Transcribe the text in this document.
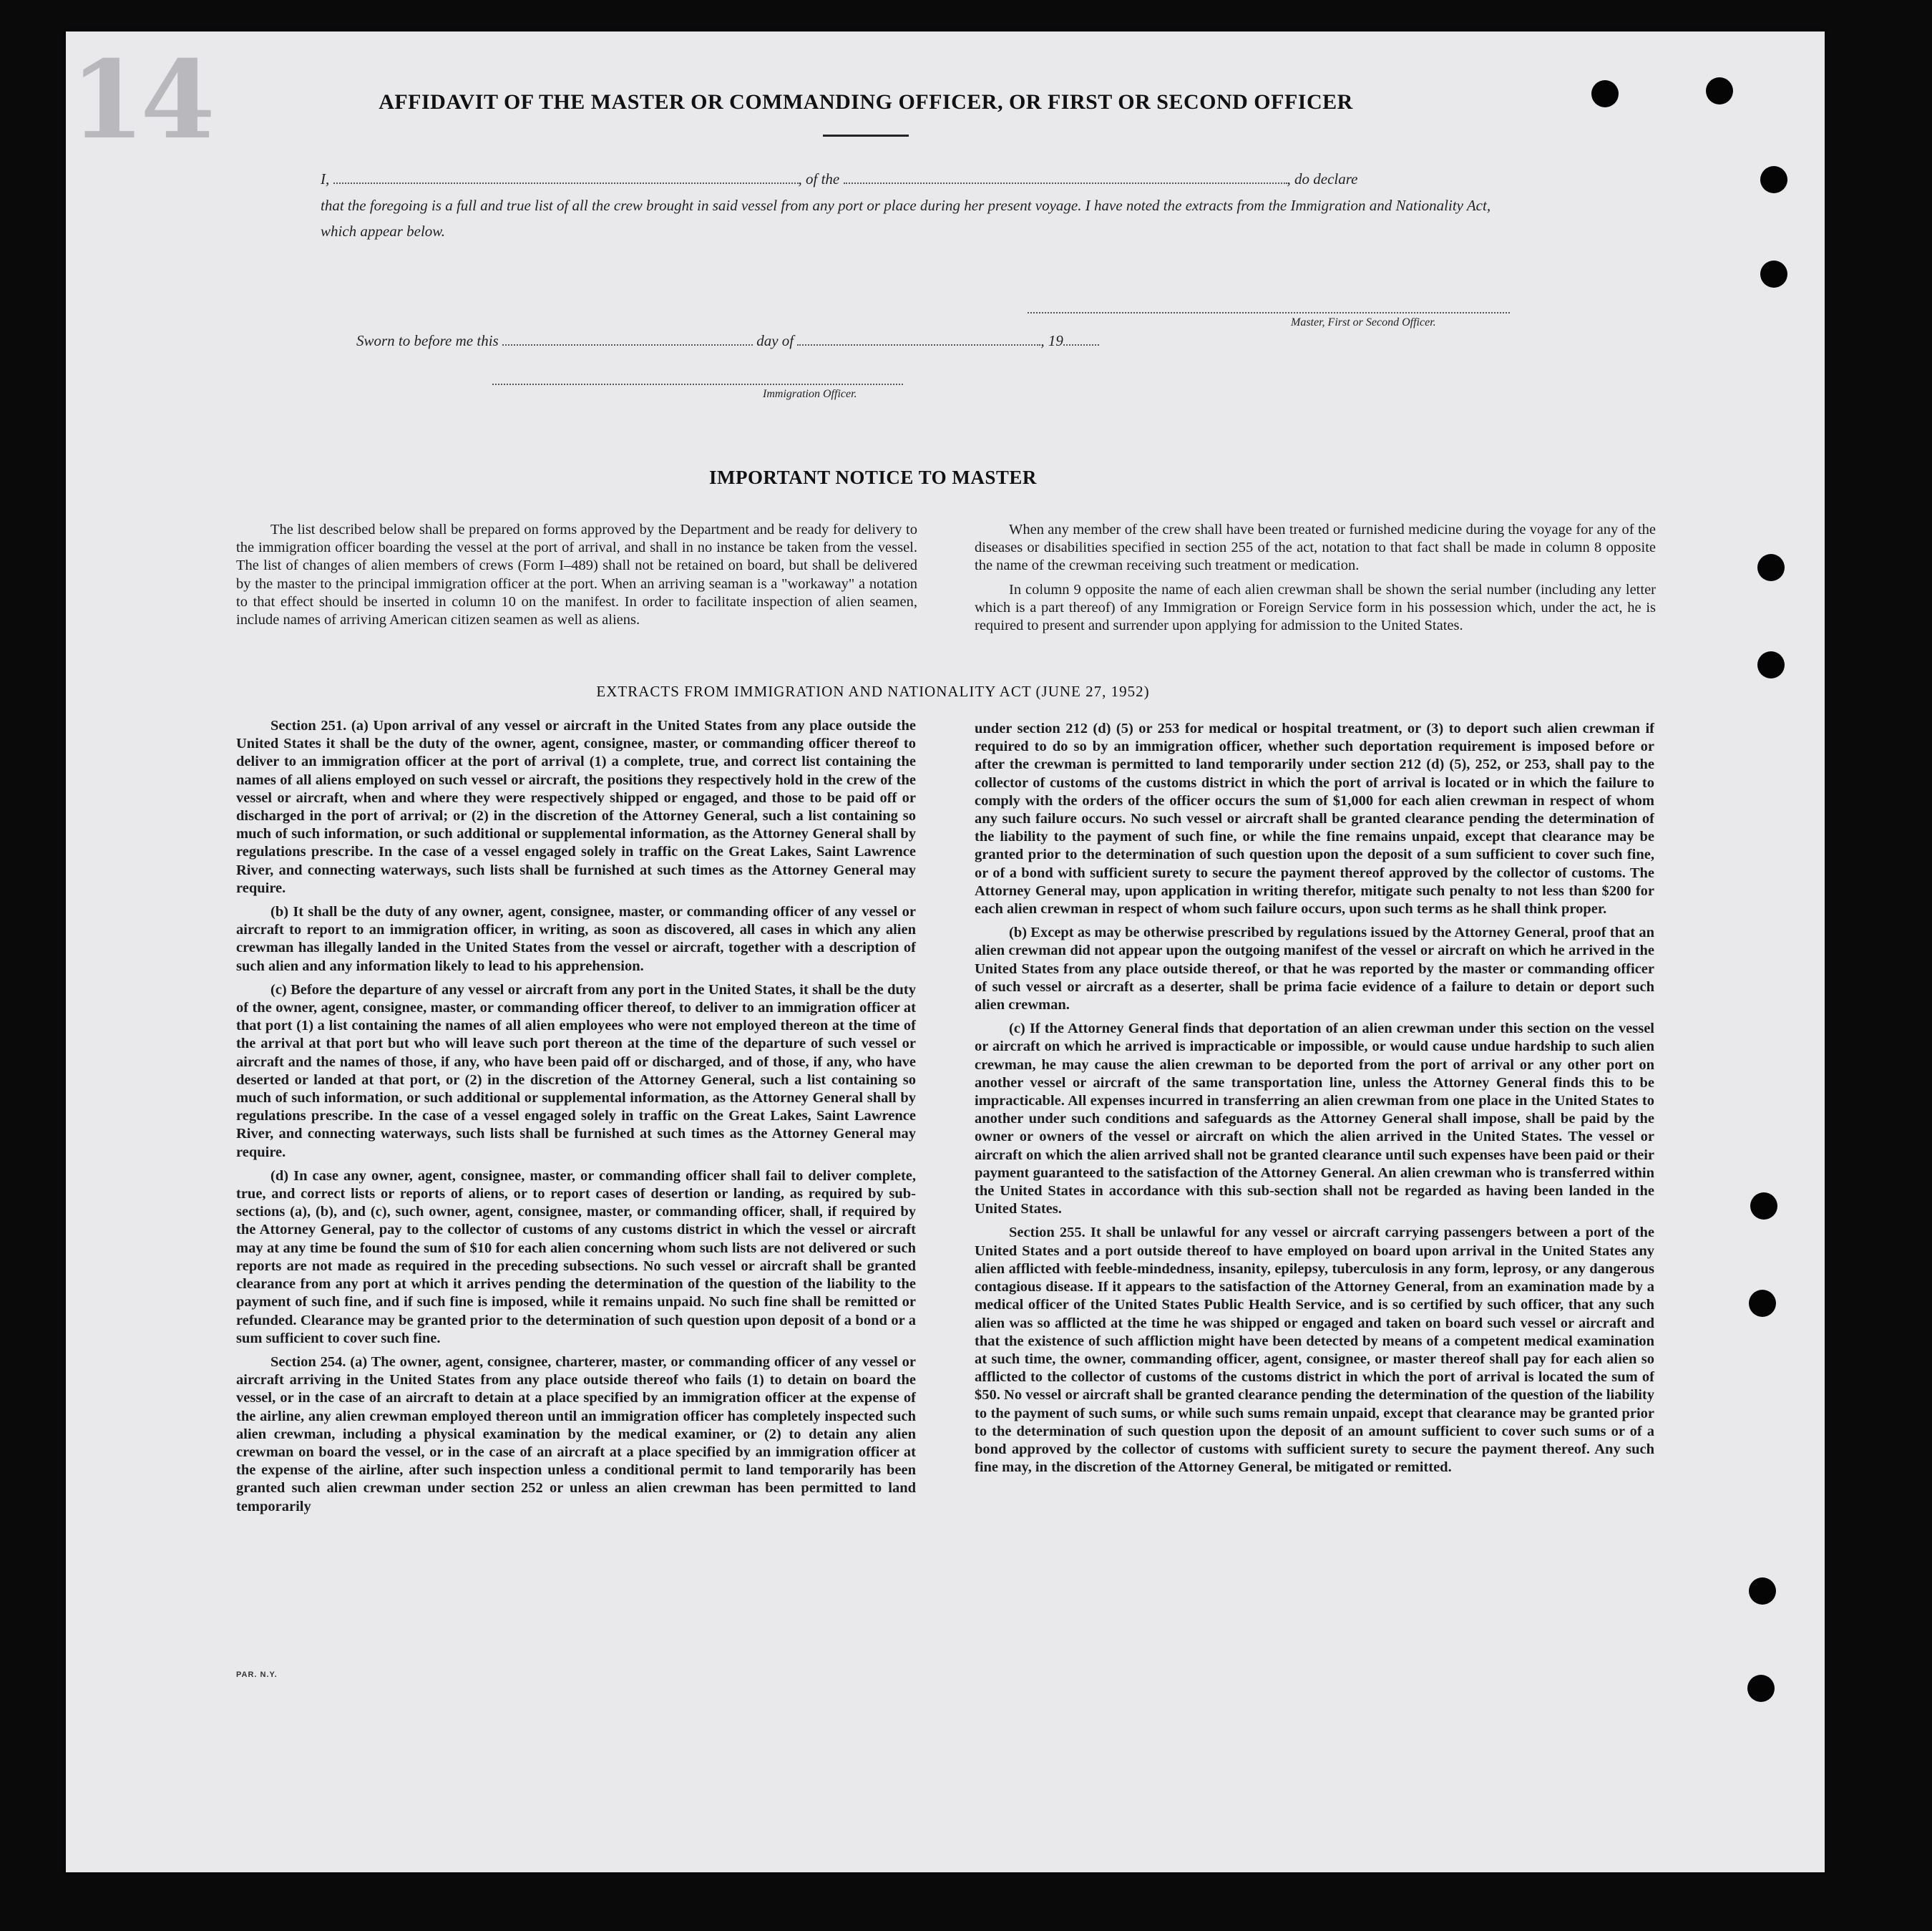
14	AFFIDAVIT OF THE MASTER OR COMMANDING OFFICER, OR FIRST OR SECOND OFFICER
I,	, of the	, do declare
that the foregoing is a full and true list of all the crew brought in said vessel from any port or place during her present voyage. I have noted the extracts from the Immigration and Nationality Act, which appear below.
Master, First or Second Officer.
Sworn to before me this	day of	, 19
Immigration Officer.
IMPORTANT NOTICE TO MASTER

The list described below shall be prepared on forms approved by the Department and be ready for delivery to the immigration officer boarding the vessel at the port of arrival, and shall in no instance be taken from the vessel. The list of changes of alien members of crews (Form I–489) shall not be retained on board, but shall be delivered by the master to the principal immigration officer at the port. When an arriving seaman is a "workaway" a notation to that effect should be inserted in column 10 on the manifest. In order to facilitate inspection of alien seamen, include names of arriving American citizen seamen as well as aliens.

When any member of the crew shall have been treated or furnished medicine during the voyage for any of the diseases or disabilities specified in section 255 of the act, notation to that fact shall be made in column 8 opposite the name of the crewman receiving such treatment or medication.

In column 9 opposite the name of each alien crewman shall be shown the serial number (including any letter which is a part thereof) of any Immigration or Foreign Service form in his possession which, under the act, he is required to present and surrender upon applying for admission to the United States.

EXTRACTS FROM IMMIGRATION AND NATIONALITY ACT (JUNE 27, 1952)

Section 251. (a) Upon arrival of any vessel or aircraft in the United States from any place outside the United States it shall be the duty of the owner, agent, consignee, master, or commanding officer thereof to deliver to an immigration officer at the port of arrival (1) a complete, true, and correct list containing the names of all aliens employed on such vessel or aircraft, the positions they respectively hold in the crew of the vessel or aircraft, when and where they were respectively shipped or engaged, and those to be paid off or discharged in the port of arrival; or (2) in the discretion of the Attorney General, such a list containing so much of such information, or such additional or supplemental information, as the Attorney General shall by regulations prescribe. In the case of a vessel engaged solely in traffic on the Great Lakes, Saint Lawrence River, and connecting waterways, such lists shall be furnished at such times as the Attorney General may require.

(b) It shall be the duty of any owner, agent, consignee, master, or commanding officer of any vessel or aircraft to report to an immigration officer, in writing, as soon as discovered, all cases in which any alien crewman has illegally landed in the United States from the vessel or aircraft, together with a description of such alien and any information likely to lead to his apprehension.

(c) Before the departure of any vessel or aircraft from any port in the United States, it shall be the duty of the owner, agent, consignee, master, or commanding officer thereof, to deliver to an immigration officer at that port (1) a list containing the names of all alien employees who were not employed thereon at the time of the arrival at that port but who will leave such port thereon at the time of the departure of such vessel or aircraft and the names of those, if any, who have been paid off or discharged, and of those, if any, who have deserted or landed at that port, or (2) in the discretion of the Attorney General, such a list containing so much of such information, or such additional or supplemental information, as the Attorney General shall by regulations prescribe. In the case of a vessel engaged solely in traffic on the Great Lakes, Saint Lawrence River, and connecting waterways, such lists shall be furnished at such times as the Attorney General may require.

(d) In case any owner, agent, consignee, master, or commanding officer shall fail to deliver complete, true, and correct lists or reports of aliens, or to report cases of desertion or landing, as required by sub-sections (a), (b), and (c), such owner, agent, consignee, master, or commanding officer, shall, if required by the Attorney General, pay to the collector of customs of any customs district in which the vessel or aircraft may at any time be found the sum of $10 for each alien concerning whom such lists are not delivered or such reports are not made as required in the preceding subsections. No such vessel or aircraft shall be granted clearance from any port at which it arrives pending the determination of the question of the liability to the payment of such fine, and if such fine is imposed, while it remains unpaid. No such fine shall be remitted or refunded. Clearance may be granted prior to the determination of such question upon deposit of a bond or a sum sufficient to cover such fine.

Section 254. (a) The owner, agent, consignee, charterer, master, or commanding officer of any vessel or aircraft arriving in the United States from any place outside thereof who fails (1) to detain on board the vessel, or in the case of an aircraft to detain at a place specified by an immigration officer at the expense of the airline, any alien crewman employed thereon until an immigration officer has completely inspected such alien crewman, including a physical examination by the medical examiner, or (2) to detain any alien crewman on board the vessel, or in the case of an aircraft at a place specified by an immigration officer at the expense of the airline, after such inspection unless a conditional permit to land temporarily has been granted such alien crewman under section 252 or unless an alien crewman has been permitted to land temporarily

under section 212 (d) (5) or 253 for medical or hospital treatment, or (3) to deport such alien crewman if required to do so by an immigration officer, whether such deportation requirement is imposed before or after the crewman is permitted to land temporarily under section 212 (d) (5), 252, or 253, shall pay to the collector of customs of the customs district in which the port of arrival is located or in which the failure to comply with the orders of the officer occurs the sum of $1,000 for each alien crewman in respect of whom any such failure occurs. No such vessel or aircraft shall be granted clearance pending the determination of the liability to the payment of such fine, or while the fine remains unpaid, except that clearance may be granted prior to the determination of such question upon the deposit of a sum sufficient to cover such fine, or of a bond with sufficient surety to secure the payment thereof approved by the collector of customs. The Attorney General may, upon application in writing therefor, mitigate such penalty to not less than $200 for each alien crewman in respect of whom such failure occurs, upon such terms as he shall think proper.

(b) Except as may be otherwise prescribed by regulations issued by the Attorney General, proof that an alien crewman did not appear upon the outgoing manifest of the vessel or aircraft on which he arrived in the United States from any place outside thereof, or that he was reported by the master or commanding officer of such vessel or aircraft as a deserter, shall be prima facie evidence of a failure to detain or deport such alien crewman.

(c) If the Attorney General finds that deportation of an alien crewman under this section on the vessel or aircraft on which he arrived is impracticable or impossible, or would cause undue hardship to such alien crewman, he may cause the alien crewman to be deported from the port of arrival or any other port on another vessel or aircraft of the same transportation line, unless the Attorney General finds this to be impracticable. All expenses incurred in transferring an alien crewman from one place in the United States to another under such conditions and safeguards as the Attorney General shall impose, shall be paid by the owner or owners of the vessel or aircraft on which the alien arrived in the United States. The vessel or aircraft on which the alien arrived shall not be granted clearance until such expenses have been paid or their payment guaranteed to the satisfaction of the Attorney General. An alien crewman who is transferred within the United States in accordance with this sub-section shall not be regarded as having been landed in the United States.

Section 255. It shall be unlawful for any vessel or aircraft carrying passengers between a port of the United States and a port outside thereof to have employed on board upon arrival in the United States any alien afflicted with feeble-mindedness, insanity, epilepsy, tuberculosis in any form, leprosy, or any dangerous contagious disease. If it appears to the satisfaction of the Attorney General, from an examination made by a medical officer of the United States Public Health Service, and is so certified by such officer, that any such alien was so afflicted at the time he was shipped or engaged and taken on board such vessel or aircraft and that the existence of such affliction might have been detected by means of a competent medical examination at such time, the owner, commanding officer, agent, consignee, or master thereof shall pay for each alien so afflicted to the collector of customs of the customs district in which the port of arrival is located the sum of $50. No vessel or aircraft shall be granted clearance pending the determination of the question of the liability to the payment of such sums, or while such sums remain unpaid, except that clearance may be granted prior to the determination of such question upon the deposit of an amount sufficient to cover such sums or of a bond approved by the collector of customs with sufficient surety to secure the payment thereof. Any such fine may, in the discretion of the Attorney General, be mitigated or remitted.

PAR. N.Y.
